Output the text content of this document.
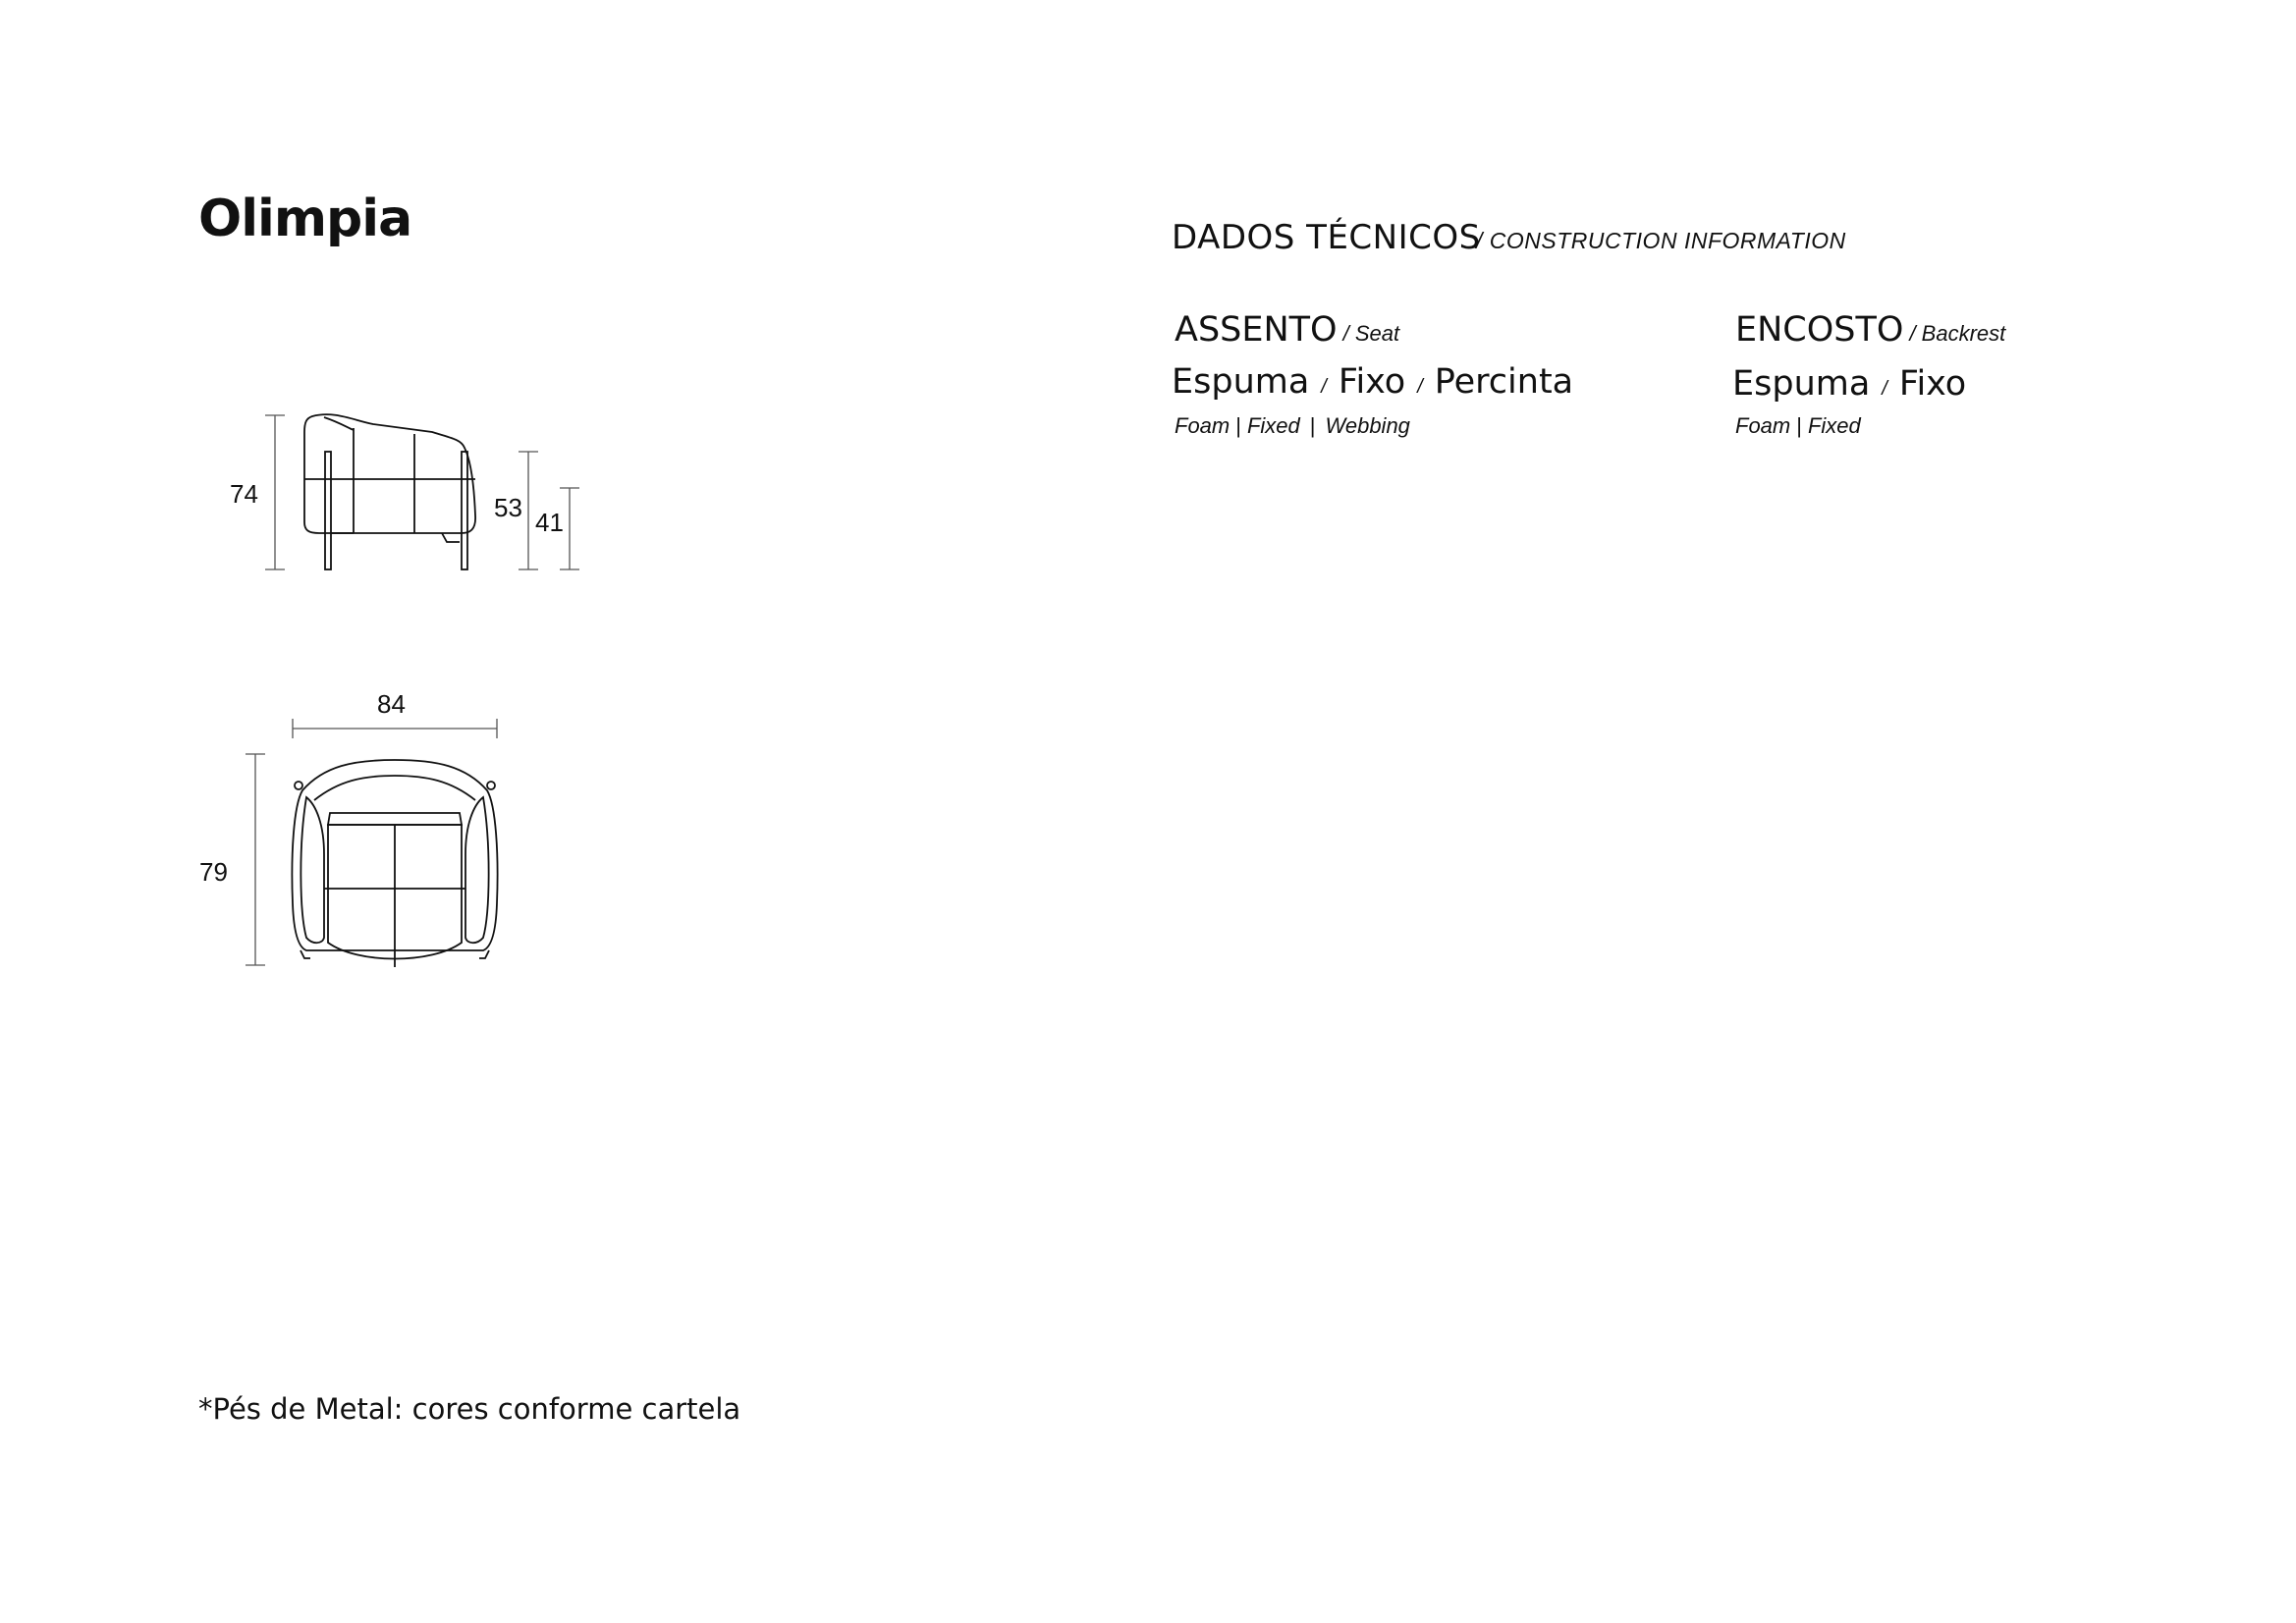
Olimpia	DADOS TÉCNICOS
/ CONSTRUCTION INFORMATION
ASSENTO / Seat
Espuma / Fixo / Percinta
Foam | Fixed | Webbing
ENCOSTO / Backrest
Espuma / Fixo
Foam | Fixed
74	53 41
84
79
*Pés de Metal: cores conforme cartela
